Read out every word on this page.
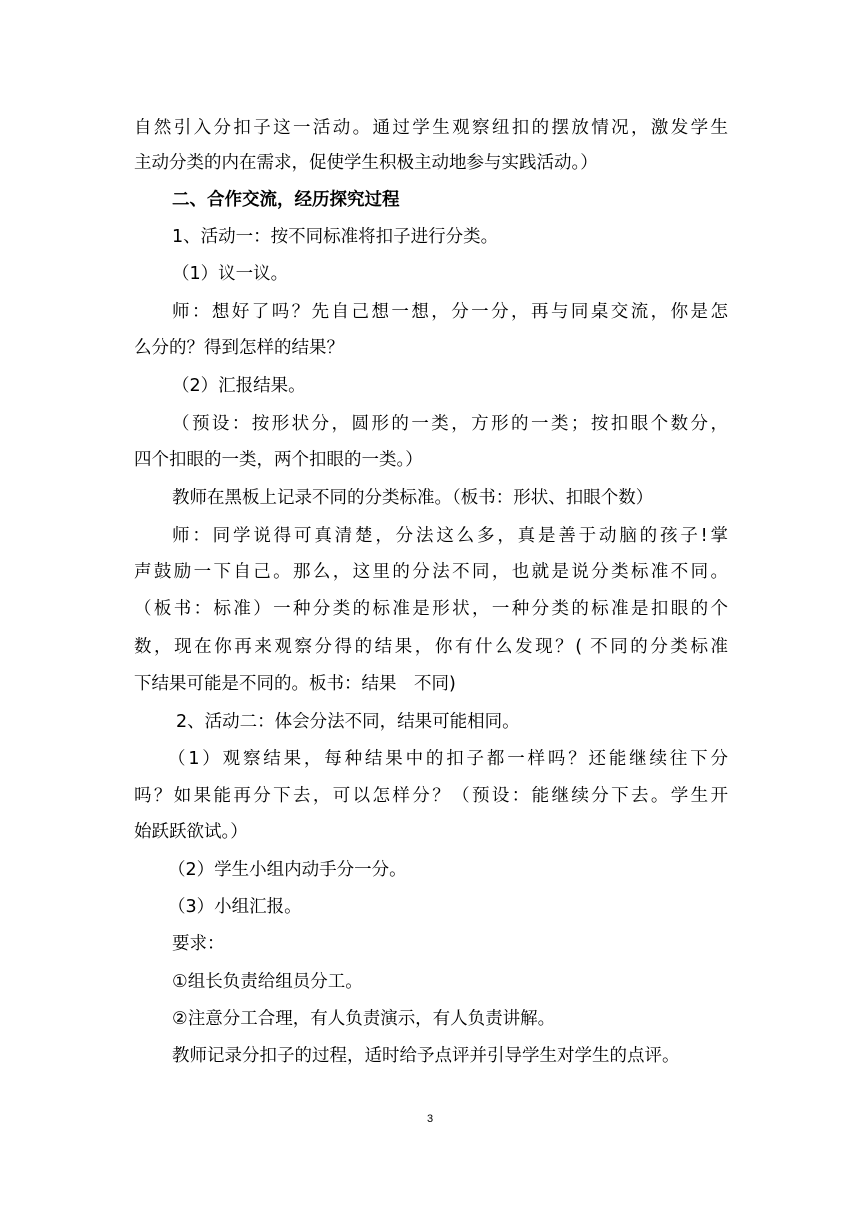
自然引入分扣子这一活动。通过学生观察纽扣的摆放情况，激发学生
主动分类的内在需求，促使学生积极主动地参与实践活动。）
二、合作交流，经历探究过程
1、活动一：按不同标准将扣子进行分类。
（1）议一议。
师：想好了吗？先自己想一想，分一分，再与同桌交流，你是怎
么分的？得到怎样的结果？
（2）汇报结果。
（预设：按形状分，圆形的一类，方形的一类；按扣眼个数分，
四个扣眼的一类，两个扣眼的一类。）
教师在黑板上记录不同的分类标准。（板书：形状、扣眼个数）
师：同学说得可真清楚，分法这么多，真是善于动脑的孩子!掌
声鼓励一下自己。那么，这里的分法不同，也就是说分类标准不同。
（板书：标准）一种分类的标准是形状，一种分类的标准是扣眼的个
数，现在你再来观察分得的结果，你有什么发现？( 不同的分类标准
下结果可能是不同的。板书：结果　不同)
2、活动二：体会分法不同，结果可能相同。
（1）观察结果，每种结果中的扣子都一样吗？还能继续往下分
吗？如果能再分下去，可以怎样分？（预设：能继续分下去。学生开
始跃跃欲试。）
（2）学生小组内动手分一分。
（3）小组汇报。
要求：
①组长负责给组员分工。
②注意分工合理，有人负责演示，有人负责讲解。
教师记录分扣子的过程，适时给予点评并引导学生对学生的点评。
3
